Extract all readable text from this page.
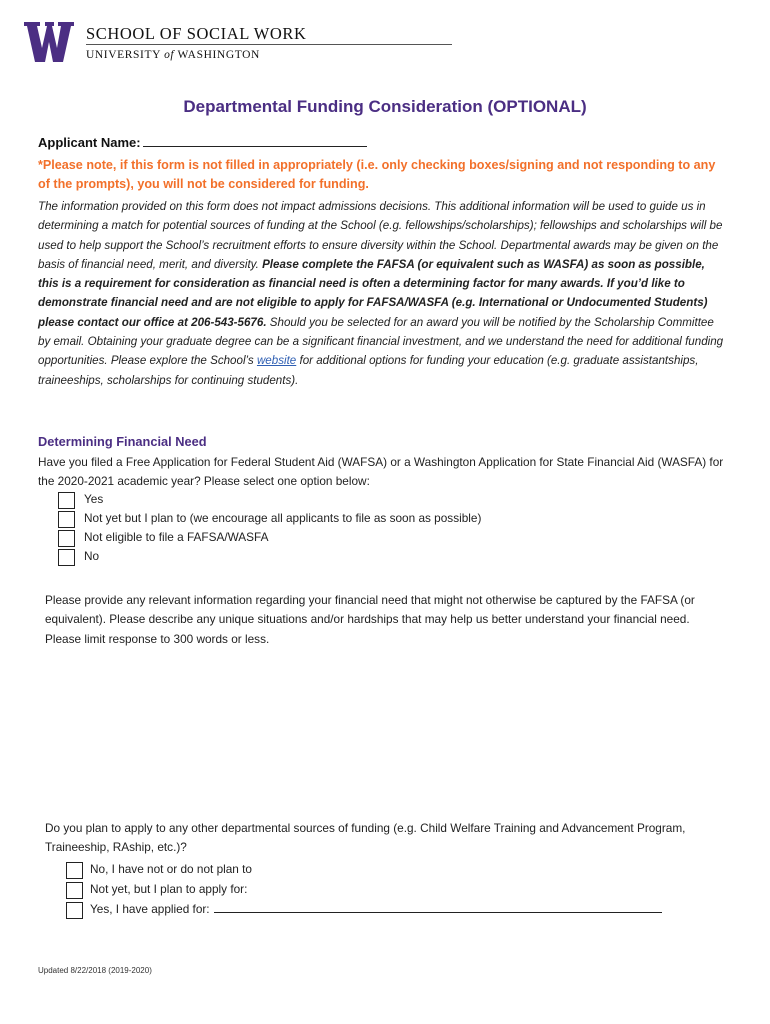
SCHOOL OF SOCIAL WORK
UNIVERSITY of WASHINGTON
Departmental Funding Consideration (OPTIONAL)
Applicant Name:
*Please note, if this form is not filled in appropriately (i.e. only checking boxes/signing and not responding to any of the prompts), you will not be considered for funding.
The information provided on this form does not impact admissions decisions. This additional information will be used to guide us in determining a match for potential sources of funding at the School (e.g. fellowships/scholarships); fellowships and scholarships will be used to help support the School’s recruitment efforts to ensure diversity within the School. Departmental awards may be given on the basis of financial need, merit, and diversity. Please complete the FAFSA (or equivalent such as WASFA) as soon as possible, this is a requirement for consideration as financial need is often a determining factor for many awards. If you’d like to demonstrate financial need and are not eligible to apply for FAFSA/WASFA (e.g. International or Undocumented Students) please contact our office at 206-543-5676. Should you be selected for an award you will be notified by the Scholarship Committee by email. Obtaining your graduate degree can be a significant financial investment, and we understand the need for additional funding opportunities. Please explore the School’s website for additional options for funding your education (e.g. graduate assistantships, traineeships, scholarships for continuing students).
Determining Financial Need
Have you filed a Free Application for Federal Student Aid (WAFSA) or a Washington Application for State Financial Aid (WASFA) for the 2020-2021 academic year? Please select one option below:
Yes
Not yet but I plan to (we encourage all applicants to file as soon as possible)
Not eligible to file a FAFSA/WASFA
No
Please provide any relevant information regarding your financial need that might not otherwise be captured by the FAFSA (or equivalent). Please describe any unique situations and/or hardships that may help us better understand your financial need. Please limit response to 300 words or less.
Do you plan to apply to any other departmental sources of funding (e.g. Child Welfare Training and Advancement Program, Traineeship, RAship, etc.)?
No, I have not or do not plan to
Not yet, but I plan to apply for:
Yes, I have applied for:
Updated 8/22/2018 (2019-2020)
